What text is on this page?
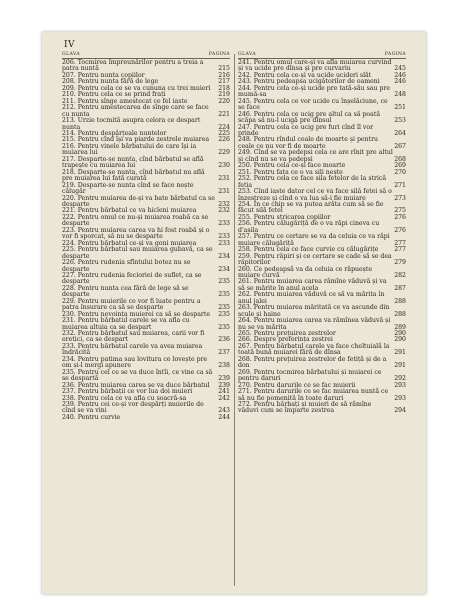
IV
GLAVA	PAGINA
206. Tocmirea împreunărilor pentru a treia a patra nuntă	215
207. Pentru nunta copiilor	216
208. Pentru nunta fără de lege	217
209. Pentru cela ce se va cununa cu trei muieri	218
210. Pentru cela ce se prind frați	219
211. Pentru sînge amestecat ce fel iaste	220
212. Pentru amestecarea de sînge care se face cu nunta	221
213. Urzie tocmită asupra celora ce despart nunta	224
214. Pentru despărțeale nuntelor	225
215. Pentru cînd își va piarde zestrele muiarea	226
216. Pentru vinele bărbatului de care își ia muiarea lui	229
217. Desparte-se nunta, cînd bărbatul se află trapește cu muiarea lui	230
218. Desparte-se nunta, cînd bărbatul nu află pre muiarea lui fată curată	231
219. Desparte-se nunta cînd se face nește călugăr	231
220. Pentru muiarea de-și va bate bărbatul ca se desparte	232
221. Pentru bărbatul ce va hicleni muiarea	232
222. Pentru omul ce nu-și muiarea roabă ca se desparte	233
223. Pentru muiarea carea va hi fost roabă și o vor fi sporcat, să nu se desparte	233
224. Pentru bărbatul ce-și va goni muiarea	233
225. Pentru bărbatul sau muiarea gubavă, ca se desparte	234
226. Pentru rudenia sfîntului botez nu se desparte	234
227. Pentru rudenia fecioriei de suflet, ca se desparte	235
228. Pentru nunta cea fără de lege să se desparte	235
229. Pentru muierile ce vor fi luate pentru a patra însurare ca să se desparte	235
230. Pentru nevoința muierei ca să se desparte	235
231. Pentru bărbatul carele se va afla cu muiarea altuia ca se despart	235
232. Pentru bărbatul sau muiarea, carii vor fi eretici, ca se despart	236
233. Pentru bărbatul carele va avea muiarea îndrăcită	237
234. Pentru patima sau lovitura ce lovește pre om și-l mergi apunere	238
235. Pentru cel ce se va duce întîi, ce vine ca să se despartă	239
236. Pentru muiarea carea se va duce bărbatul	239
237. Pentru bărbații ce vor lua doi muieri	241
238. Pentru cela ce va afla cu soacră-sa	242
239. Pentru cei ce-și vor despărți muierile de cînd se va vini	243
240. Pentru curvie	244
GLAVA	PAGINA
241. Pentru omul care-și va afla muiarea curvind și va ucide pre dînsa și pre curvariu	245
242. Pentru cela ce-și va ucide ucideri slăt	246
243. Pentru pedeapsa ucigătorilor de oameni	246
244. Pentru cela ce-și ucide pre tată-său sau pre mumă-sa	248
245. Pentru cela ce vor ucide cu înșelăciune, ce se face	251
246. Pentru cela ce ucig pre altul ca să poată scăpa să nu-l ucigă pre dînsul	253
247. Pentru cela ce ucig pre furi cînd îl vor prinde	264
248. Pentru rîndul ceale de moarte și pentru ceale ce nu vor fi de moarte	267
249. Cînd se va pedepsi cela ce are rînit pre altul și cînd nu se va pedepsi	268
250. Pentru cela ce-și face moarte	269
251. Pentru fata ce o va sili nește	270
252. Pentru cela ce face sila fetelor de la strică fetia	271
253. Cînd iaste dator cel ce va face silă fetei să o înzestreze și cînd o va lua să-i fie muiare	273
254. În ce chip se va putea arăta cum să se fie făcut silă fetei	275
255. Pentru stricarea copiilor	276
256. Pentru călugăriță de o va răpi cineva cu d'asila	276
257. Pentru ce certare se va da celuia ce va răpi muiare călugăriță	277
258. Pentru cela ce face curvie cu călugărițe	277
259. Pentru răpiri și ce certare se cade să se dea răpitorilor	279
260. Ce pedeapsă va da celuia ce răpuește muiare curvă	282
261. Pentru muiarea carea rămîne văduvă și va să se mărite în anul acela	287
262. Pentru muiarea văduvă ce să va mărita în anul jalei	288
263. Pentru muiarea măritată ce va ascunde din scule și haine	288
264. Pentru muiarea carea va rămînea văduvă și nu se va mărita	289
265. Pentru prețuirea zestrelor	290
266. Despre preferința zestrei	290
267. Pentru bărbatul carele va face cheltuială la toată bună muiarei fără de dînsa	291
268. Pentru prețuirea zestrelor de fetiță și de a don	291
269. Pentru tocmirea bărbatului și muiarei ce pentru daruri	292
270. Pentru darurile ce se fac muierii	293
271. Pentru darurile ce se fac muiarea nuntă ce să nu fie pomenită în toate daruri	293
272. Pentru bărbați și muieri de să rămîne văduvi cum se împarte zestrea	294
